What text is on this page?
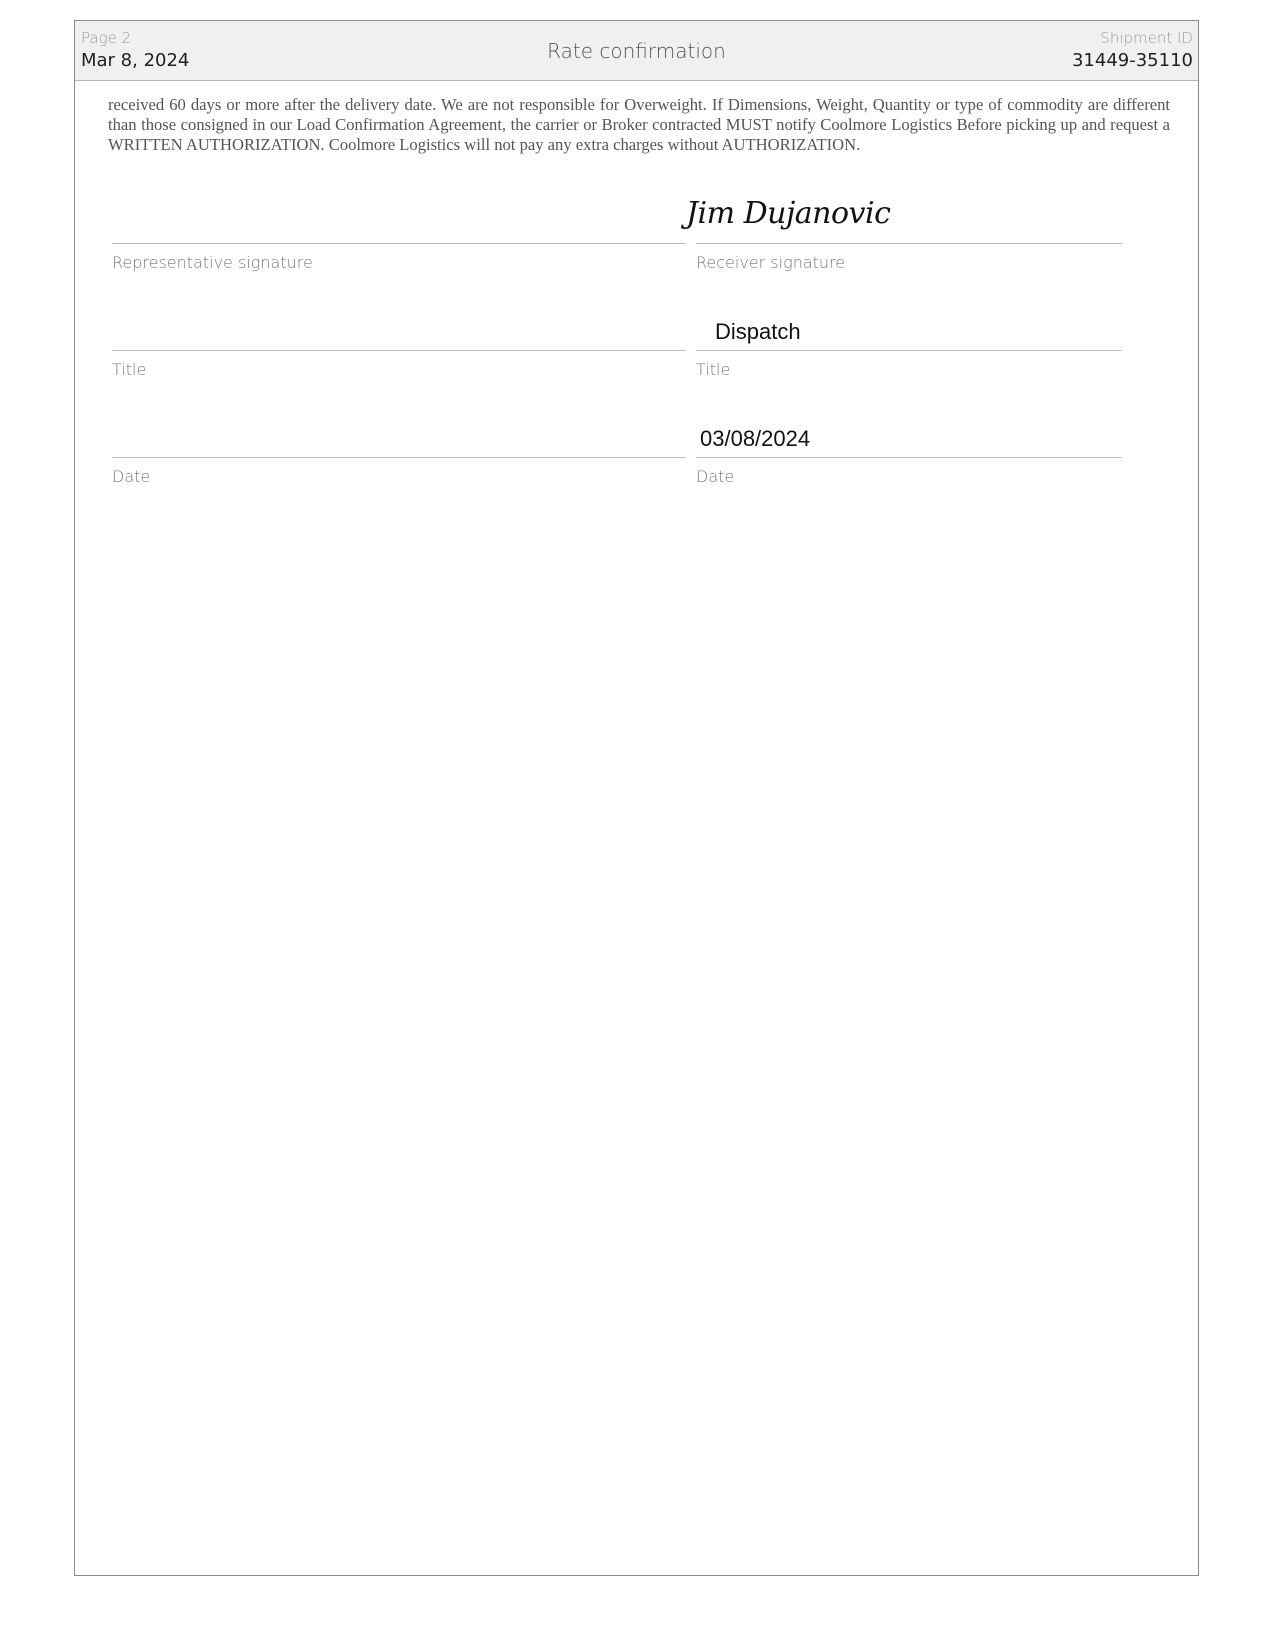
Page 2
Mar 8, 2024	Rate confirmation
Shipment ID
31449-35110
received 60 days or more after the delivery date. We are not responsible for Overweight. If Dimensions, Weight, Quantity or type of commodity are different than those consigned in our Load Confirmation Agreement, the carrier or Broker contracted MUST notify Coolmore Logistics Before picking up and request a WRITTEN AUTHORIZATION. Coolmore Logistics will not pay any extra charges without AUTHORIZATION.
Representative signature
Title
Date
Jim Dujanovic
Receiver signature
Dispatch
Title
03/08/2024
Date
